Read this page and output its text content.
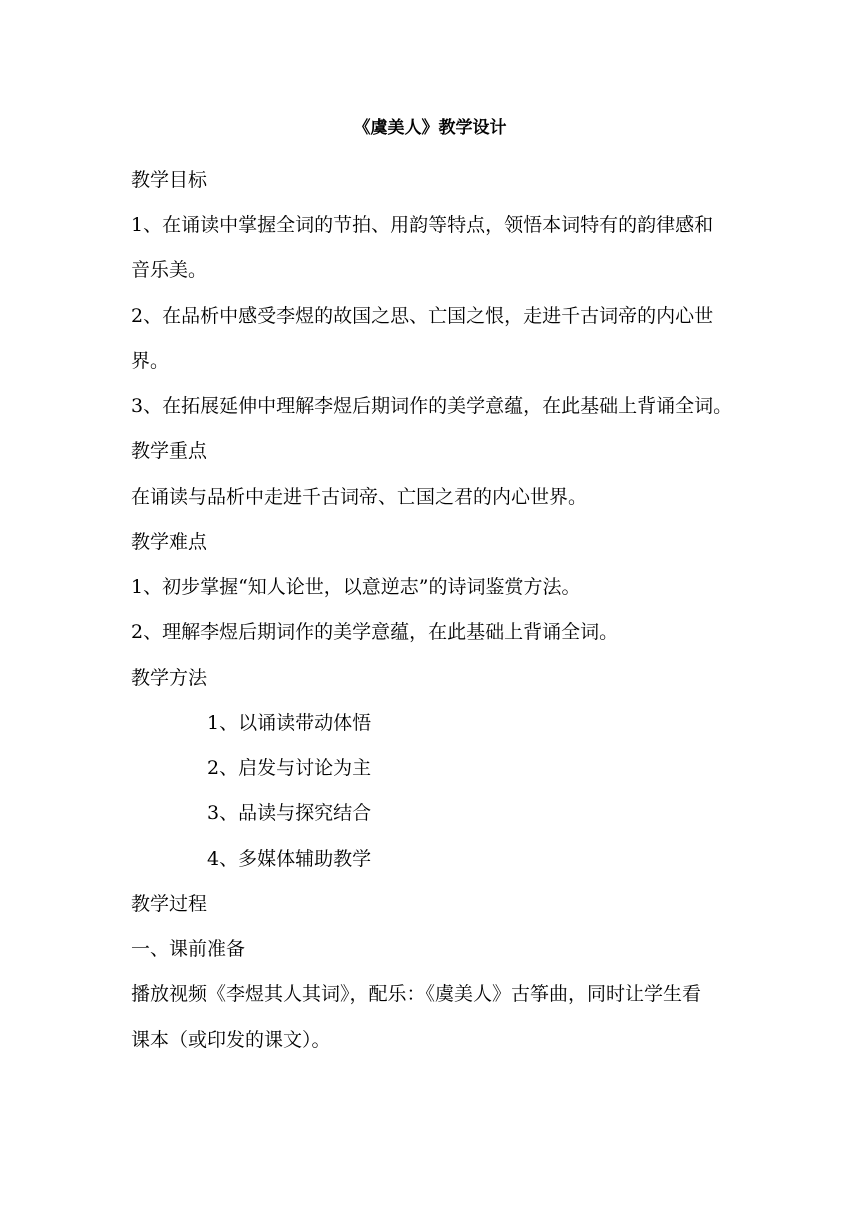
《虞美人》教学设计
教学目标
1、在诵读中掌握全词的节拍、用韵等特点，领悟本词特有的韵律感和
音乐美。
2、在品析中感受李煜的故国之思、亡国之恨，走进千古词帝的内心世
界。
3、在拓展延伸中理解李煜后期词作的美学意蕴，在此基础上背诵全词。
教学重点
在诵读与品析中走进千古词帝、亡国之君的内心世界。
教学难点
1、初步掌握“知人论世，以意逆志”的诗词鉴赏方法。
2、理解李煜后期词作的美学意蕴，在此基础上背诵全词。
教学方法
1、以诵读带动体悟
2、启发与讨论为主
3、品读与探究结合
4、多媒体辅助教学
教学过程
一、课前准备
播放视频《李煜其人其词》，配乐：《虞美人》古筝曲，同时让学生看
课本（或印发的课文）。
